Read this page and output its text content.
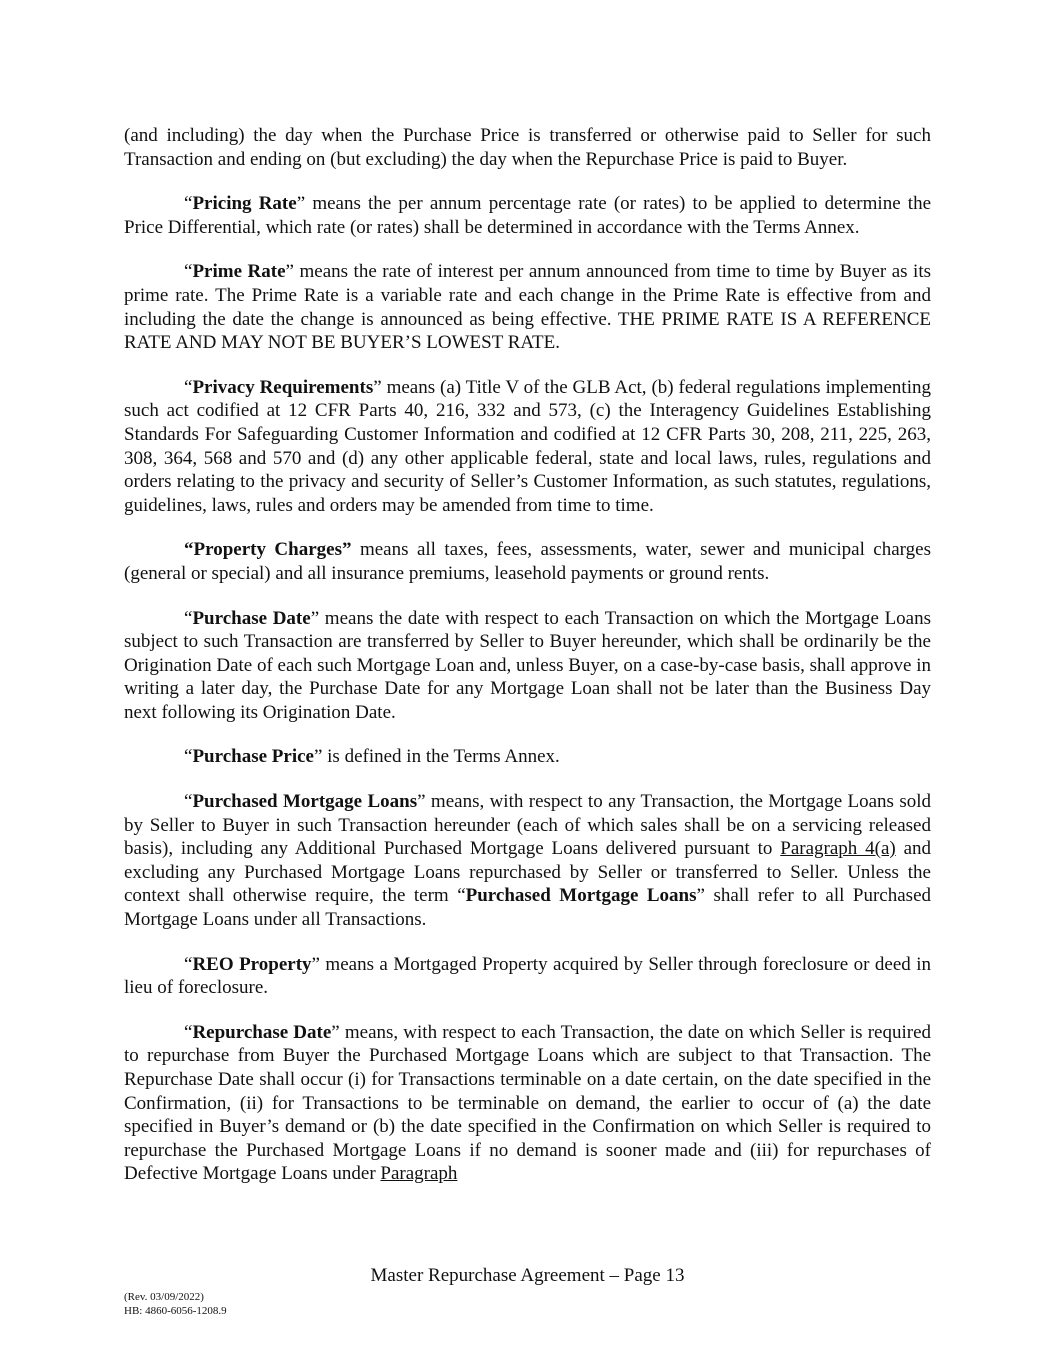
(and including) the day when the Purchase Price is transferred or otherwise paid to Seller for such Transaction and ending on (but excluding) the day when the Repurchase Price is paid to Buyer.

“Pricing Rate” means the per annum percentage rate (or rates) to be applied to determine the Price Differential, which rate (or rates) shall be determined in accordance with the Terms Annex.

“Prime Rate” means the rate of interest per annum announced from time to time by Buyer as its prime rate. The Prime Rate is a variable rate and each change in the Prime Rate is effective from and including the date the change is announced as being effective. THE PRIME RATE IS A REFERENCE RATE AND MAY NOT BE BUYER’S LOWEST RATE.

“Privacy Requirements” means (a) Title V of the GLB Act, (b) federal regulations implementing such act codified at 12 CFR Parts 40, 216, 332 and 573, (c) the Interagency Guidelines Establishing Standards For Safeguarding Customer Information and codified at 12 CFR Parts 30, 208, 211, 225, 263, 308, 364, 568 and 570 and (d) any other applicable federal, state and local laws, rules, regulations and orders relating to the privacy and security of Seller’s Customer Information, as such statutes, regulations, guidelines, laws, rules and orders may be amended from time to time.

“Property Charges” means all taxes, fees, assessments, water, sewer and municipal charges (general or special) and all insurance premiums, leasehold payments or ground rents.

“Purchase Date” means the date with respect to each Transaction on which the Mortgage Loans subject to such Transaction are transferred by Seller to Buyer hereunder, which shall be ordinarily be the Origination Date of each such Mortgage Loan and, unless Buyer, on a case-by-case basis, shall approve in writing a later day, the Purchase Date for any Mortgage Loan shall not be later than the Business Day next following its Origination Date.

“Purchase Price” is defined in the Terms Annex.

“Purchased Mortgage Loans” means, with respect to any Transaction, the Mortgage Loans sold by Seller to Buyer in such Transaction hereunder (each of which sales shall be on a servicing released basis), including any Additional Purchased Mortgage Loans delivered pursuant to Paragraph 4(a) and excluding any Purchased Mortgage Loans repurchased by Seller or transferred to Seller. Unless the context shall otherwise require, the term “Purchased Mortgage Loans” shall refer to all Purchased Mortgage Loans under all Transactions.

“REO Property” means a Mortgaged Property acquired by Seller through foreclosure or deed in lieu of foreclosure.

“Repurchase Date” means, with respect to each Transaction, the date on which Seller is required to repurchase from Buyer the Purchased Mortgage Loans which are subject to that Transaction. The Repurchase Date shall occur (i) for Transactions terminable on a date certain, on the date specified in the Confirmation, (ii) for Transactions to be terminable on demand, the earlier to occur of (a) the date specified in Buyer’s demand or (b) the date specified in the Confirmation on which Seller is required to repurchase the Purchased Mortgage Loans if no demand is sooner made and (iii) for repurchases of Defective Mortgage Loans under Paragraph

Master Repurchase Agreement – Page 13
(Rev. 03/09/2022)
HB: 4860-6056-1208.9
